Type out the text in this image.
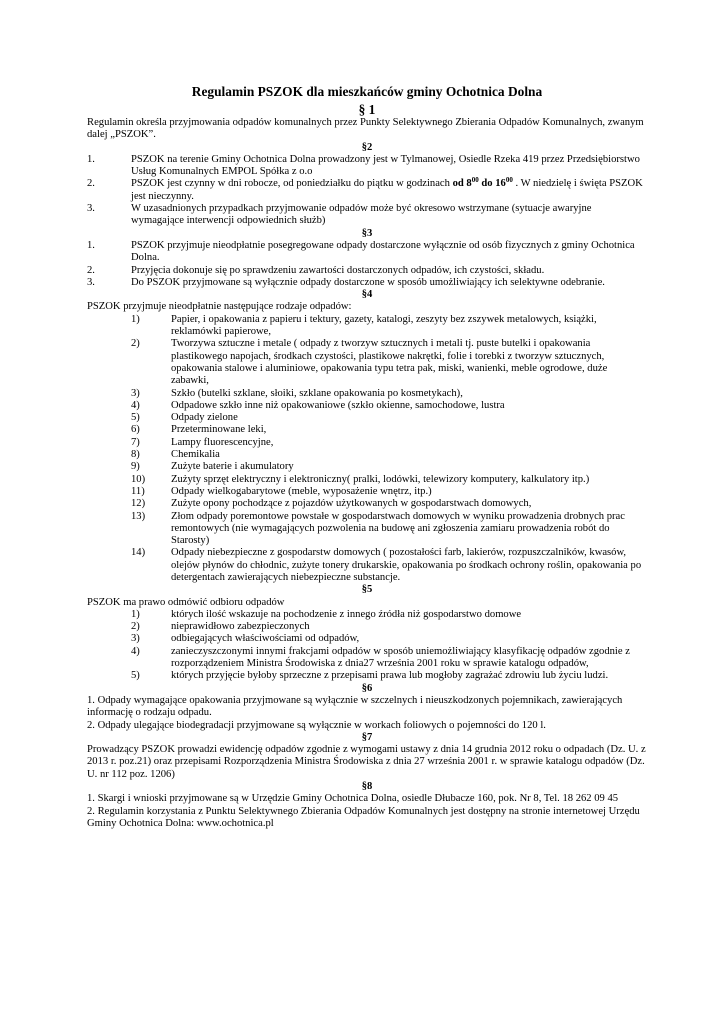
Regulamin PSZOK dla mieszkańców gminy Ochotnica Dolna
§ 1

Regulamin określa przyjmowania odpadów komunalnych przez Punkty Selektywnego Zbierania Odpadów Komunalnych, zwanym dalej „PSZOK”.

§2
1.	PSZOK na terenie Gminy Ochotnica Dolna prowadzony jest w Tylmanowej, Osiedle Rzeka 419 przez Przedsiębiorstwo Usług Komunalnych EMPOL Spółka z o.o
2.	PSZOK jest czynny w dni robocze, od poniedziałku do piątku w godzinach od $8^{00}$ do $16^{00}$ . W niedzielę i święta PSZOK jest nieczynny.
3.	W uzasadnionych przypadkach przyjmowanie odpadów może być okresowo wstrzymane (sytuacje awaryjne wymagające interwencji odpowiednich służb)
§3
1.	PSZOK przyjmuje nieodpłatnie posegregowane odpady dostarczone wyłącznie od osób fizycznych z gminy Ochotnica Dolna.
2.	Przyjęcia dokonuje się po sprawdzeniu zawartości dostarczonych odpadów, ich czystości, składu.
3.	Do PSZOK przyjmowane są wyłącznie odpady dostarczone w sposób umożliwiający ich selektywne odebranie.
§4

PSZOK przyjmuje nieodpłatnie następujące rodzaje odpadów:

1)	Papier, i opakowania z papieru i tektury, gazety, katalogi, zeszyty bez zszywek metalowych, książki, reklamówki papierowe,
2)	Tworzywa sztuczne i metale ( odpady z tworzyw sztucznych i metali tj. puste butelki i opakowania plastikowego napojach, środkach czystości, plastikowe nakrętki, folie i torebki z tworzyw sztucznych, opakowania stalowe i aluminiowe, opakowania typu tetra pak, miski, wanienki, meble ogrodowe, duże zabawki,
3)	Szkło (butelki szklane, słoiki, szklane opakowania po kosmetykach),
4)	Odpadowe szkło inne niż opakowaniowe (szkło okienne, samochodowe, lustra
5)	Odpady zielone
6)	Przeterminowane leki,
7)	Lampy fluorescencyjne,
8)	Chemikalia
9)	Zużyte baterie i akumulatory
10)	Zużyty sprzęt elektryczny i elektroniczny( pralki, lodówki, telewizory komputery, kalkulatory itp.)
11)	Odpady wielkogabarytowe (meble, wyposażenie wnętrz, itp.)
12)	Zużyte opony pochodzące z pojazdów użytkowanych w gospodarstwach domowych,
13)	Złom odpady poremontowe powstałe w gospodarstwach domowych w wyniku prowadzenia drobnych prac remontowych (nie wymagających pozwolenia na budowę ani zgłoszenia zamiaru prowadzenia robót do Starosty)
14)	Odpady niebezpieczne z gospodarstw domowych ( pozostałości farb, lakierów, rozpuszczalników, kwasów, olejów płynów do chłodnic, zużyte tonery drukarskie, opakowania po środkach ochrony roślin, opakowania po detergentach zawierających niebezpieczne substancje.
§5

PSZOK ma prawo odmówić odbioru odpadów

1)	których ilość wskazuje na pochodzenie z innego źródła niż gospodarstwo domowe
2)	nieprawidłowo zabezpieczonych
3)	odbiegających właściwościami od odpadów,
4)	zanieczyszczonymi innymi frakcjami odpadów w sposób uniemożliwiający klasyfikację odpadów zgodnie z rozporządzeniem Ministra Środowiska z dnia27 września 2001 roku w sprawie katalogu odpadów,
5)	których przyjęcie byłoby sprzeczne z przepisami prawa lub mogłoby zagrażać zdrowiu lub życiu ludzi.
§6

1. Odpady wymagające opakowania przyjmowane są wyłącznie w szczelnych i nieuszkodzonych pojemnikach, zawierających informację o rodzaju odpadu.

2. Odpady ulegające biodegradacji przyjmowane są wyłącznie w workach foliowych o pojemności do 120 l.

§7

Prowadzący PSZOK prowadzi ewidencję odpadów zgodnie z wymogami ustawy z dnia 14 grudnia 2012 roku o odpadach (Dz. U. z 2013 r. poz.21) oraz przepisami Rozporządzenia Ministra Środowiska z dnia 27 września 2001 r. w sprawie katalogu odpadów (Dz. U. nr 112 poz. 1206)

§8

1. Skargi i wnioski przyjmowane są w Urzędzie Gminy Ochotnica Dolna, osiedle Dłubacze 160, pok. Nr 8, Tel. 18 262 09 45

2. Regulamin korzystania z Punktu Selektywnego Zbierania Odpadów Komunalnych jest dostępny na stronie internetowej Urzędu Gminy Ochotnica Dolna: www.ochotnica.pl
